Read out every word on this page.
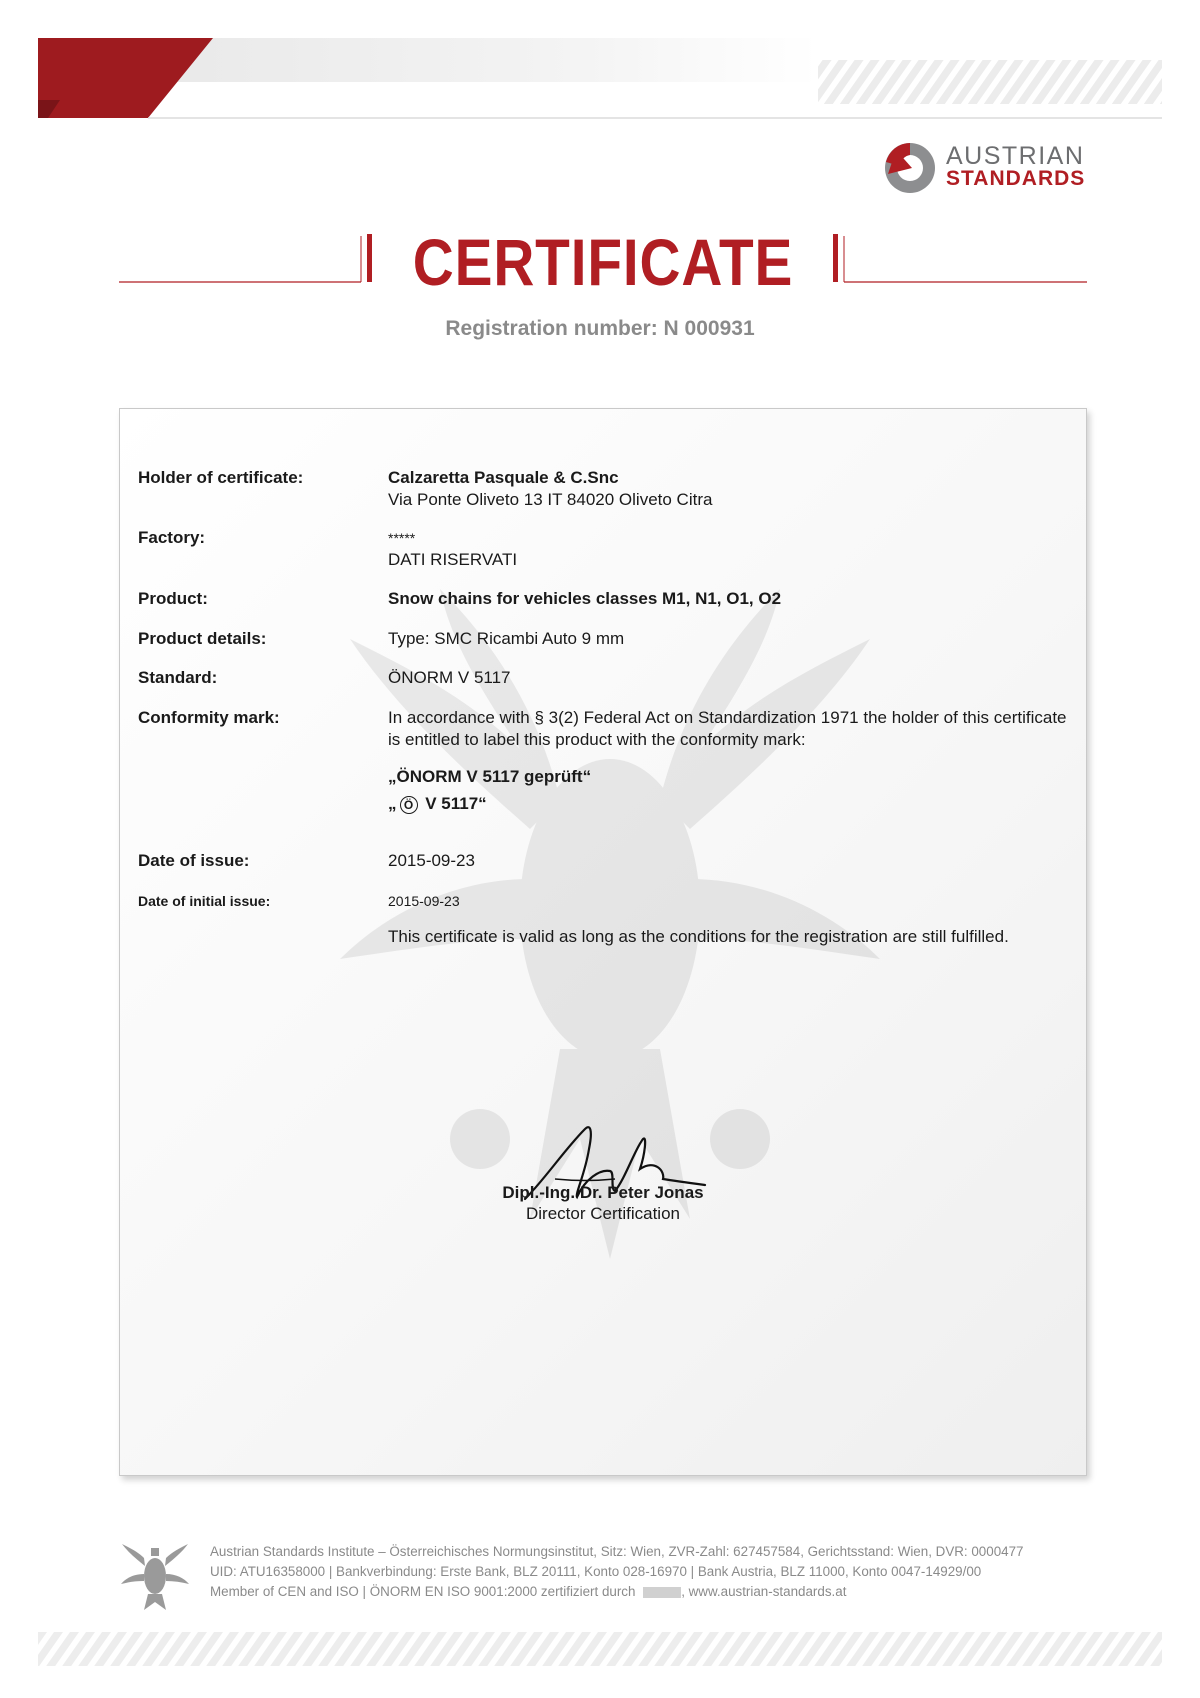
AUSTRIAN
STANDARDS
CERTIFICATE
Registration number: N 000931
Holder of certificate:	Calzaretta Pasquale & C.Snc
Via Ponte Oliveto 13 IT 84020 Oliveto Citra
Factory:	*****
DATI RISERVATI
Product:	Snow chains for vehicles classes M1, N1, O1, O2
Product details:	Type: SMC Ricambi Auto 9 mm
Standard:	ÖNORM V 5117
Conformity mark:	In accordance with § 3(2) Federal Act on Standardization 1971 the holder of this certificate is entitled to label this product with the conformity mark:
„ÖNORM V 5117 geprüft“
„ Ö V 5117“
Date of issue:	2015-09-23
Date of initial issue:	2015-09-23
This certificate is valid as long as the conditions for the registration are still fulfilled.
Dipl.-Ing. Dr. Peter Jonas
Director Certification
Austrian Standards Institute – Österreichisches Normungsinstitut, Sitz: Wien, ZVR-Zahl: 627457584, Gerichtsstand: Wien, DVR: 0000477
UID: ATU16358000 | Bankverbindung: Erste Bank, BLZ 20111, Konto 028-16970 | Bank Austria, BLZ 11000, Konto 0047-14929/00
Member of CEN and ISO | ÖNORM EN ISO 9001:2000 zertifiziert durch	, www.austrian-standards.at
